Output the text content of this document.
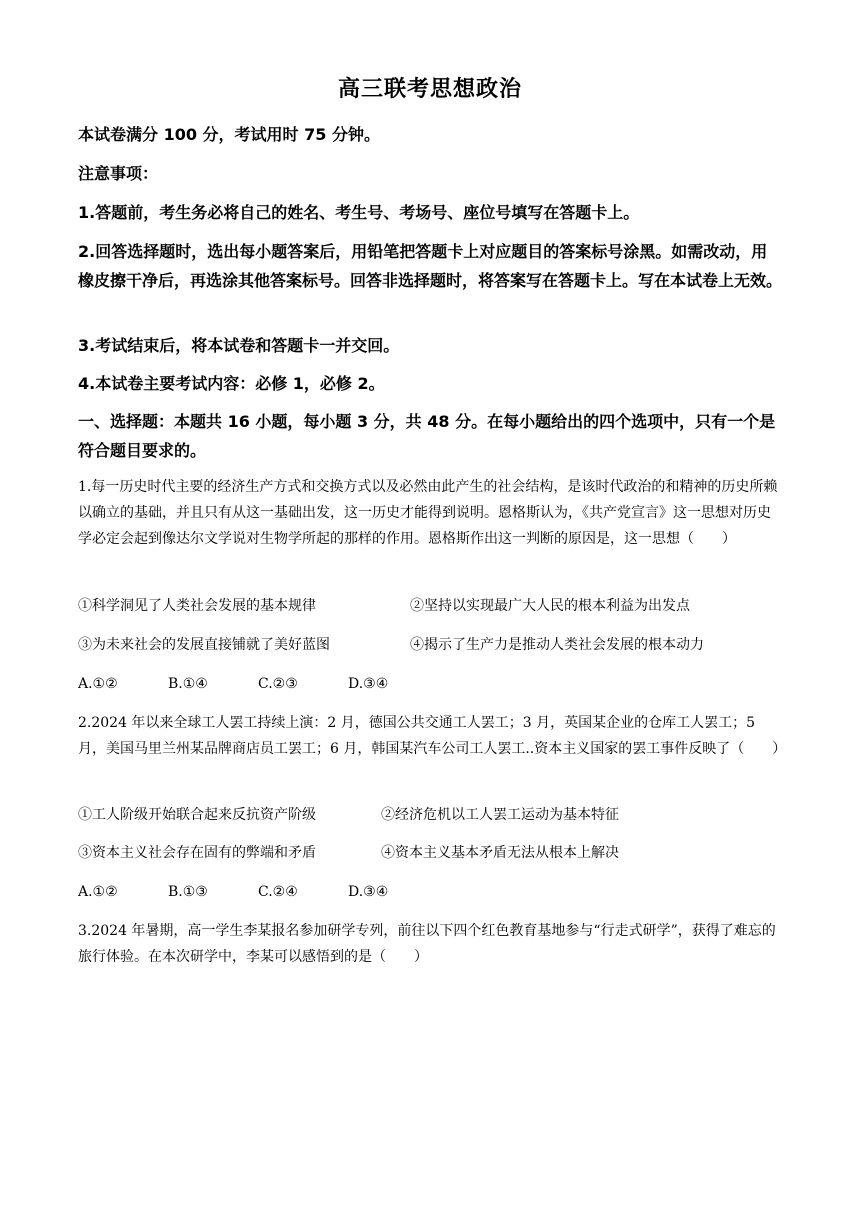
高三联考思想政治
本试卷满分 100 分，考试用时 75 分钟。
注意事项：
1.答题前，考生务必将自己的姓名、考生号、考场号、座位号填写在答题卡上。
2.回答选择题时，选出每小题答案后，用铅笔把答题卡上对应题目的答案标号涂黑。如需改动，用橡皮擦干净后，再选涂其他答案标号。回答非选择题时，将答案写在答题卡上。写在本试卷上无效。
3.考试结束后，将本试卷和答题卡一并交回。
4.本试卷主要考试内容：必修 1，必修 2。
一、选择题：本题共 16 小题，每小题 3 分，共 48 分。在每小题给出的四个选项中，只有一个是符合题目要求的。
1.每一历史时代主要的经济生产方式和交换方式以及必然由此产生的社会结构，是该时代政治的和精神的历史所赖以确立的基础，并且只有从这一基础出发，这一历史才能得到说明。恩格斯认为，《共产党宣言》这一思想对历史学必定会起到像达尔文学说对生物学所起的那样的作用。恩格斯作出这一判断的原因是，这一思想（　　）
①科学洞见了人类社会发展的基本规律	②坚持以实现最广大人民的根本利益为出发点
③为未来社会的发展直接铺就了美好蓝图	④揭示了生产力是推动人类社会发展的根本动力
A.①②	B.①④	C.②③	D.③④
2.2024 年以来全球工人罢工持续上演：2 月，德国公共交通工人罢工；3 月，英国某企业的仓库工人罢工；5 月，美国马里兰州某品牌商店员工罢工；6 月，韩国某汽车公司工人罢工..资本主义国家的罢工事件反映了（　　）
①工人阶级开始联合起来反抗资产阶级	②经济危机以工人罢工运动为基本特征
③资本主义社会存在固有的弊端和矛盾	④资本主义基本矛盾无法从根本上解决
A.①②	B.①③	C.②④	D.③④
3.2024 年暑期，高一学生李某报名参加研学专列，前往以下四个红色教育基地参与“行走式研学”，获得了难忘的旅行体验。在本次研学中，李某可以感悟到的是（　　）
